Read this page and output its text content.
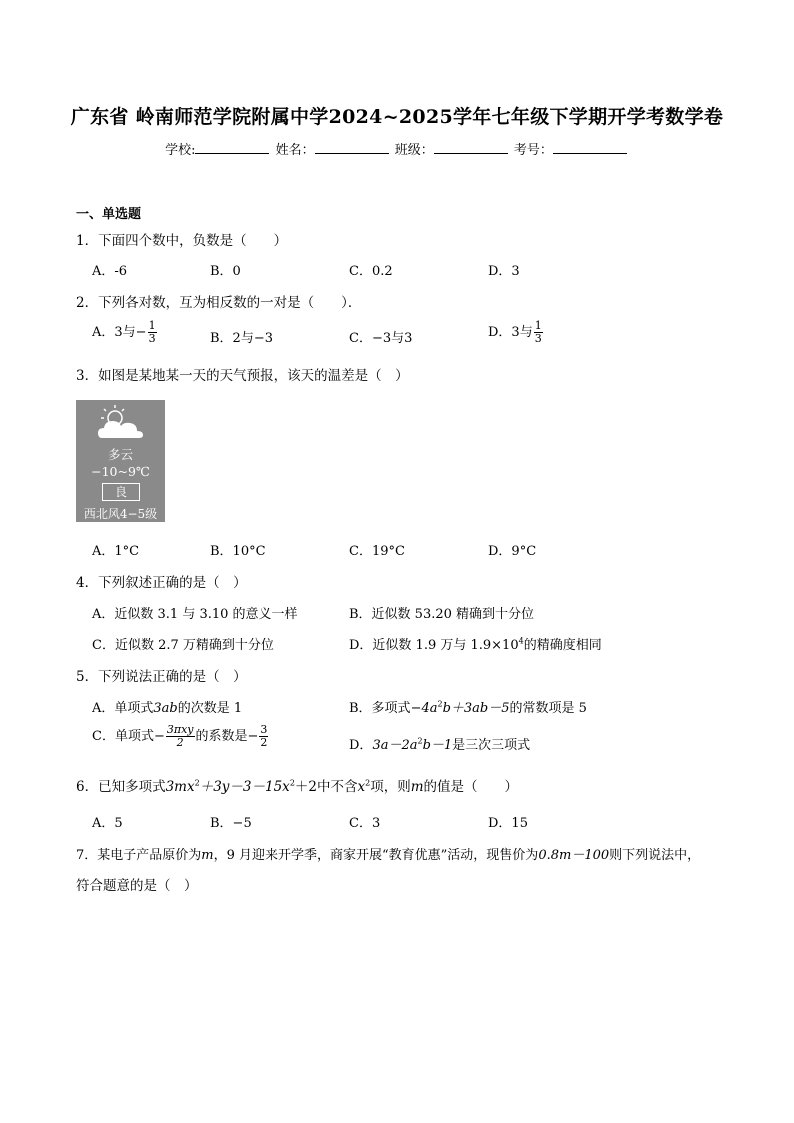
广东省 岭南师范学院附属中学2024~2025学年七年级下学期开学考数学卷
学校:	姓名：	班级：	考号：
一、单选题
1．下面四个数中，负数是（　　）
A．-6	B．0	C．0.2	D．3
2．下列各对数，互为相反数的一对是（　　）．
A．3与− $\frac{1}{3}$	B．2与−3	C．−3与3	D．3与 $\frac{1}{3}$
3．如图是某地某一天的天气预报，该天的温差是（　）
多云
−10~9℃
良
西北风4−5级
A．1°C	B．10°C	C．19°C	D．9°C
4．下列叙述正确的是（　）
A．近似数 3.1 与 3.10 的意义一样	B．近似数 53.20 精确到十分位
C．近似数 2.7 万精确到十分位	D．近似数 1.9 万与 $1.9\times 10^4$的精确度相同
5．下列说法正确的是（　）
A．单项式3ab的次数是 1	B．多项式$-4a^2b+3ab-5$的常数项是 5
C．单项式− $\frac{\text{3πxy}}{2}$ 的系数是− $\frac{3}{2}$	D．$3a-2a^2b-1$是三次三项式
6．已知多项式$3mx^2+3y-3-15x^2+2$中不含$x^2$项，则m的值是（　　）
A．5	B．−5	C．3	D．15
7．某电子产品原价为m，9 月迎来开学季，商家开展“教育优惠”活动，现售价为0.8m－100则下列说法中，
符合题意的是（　）
